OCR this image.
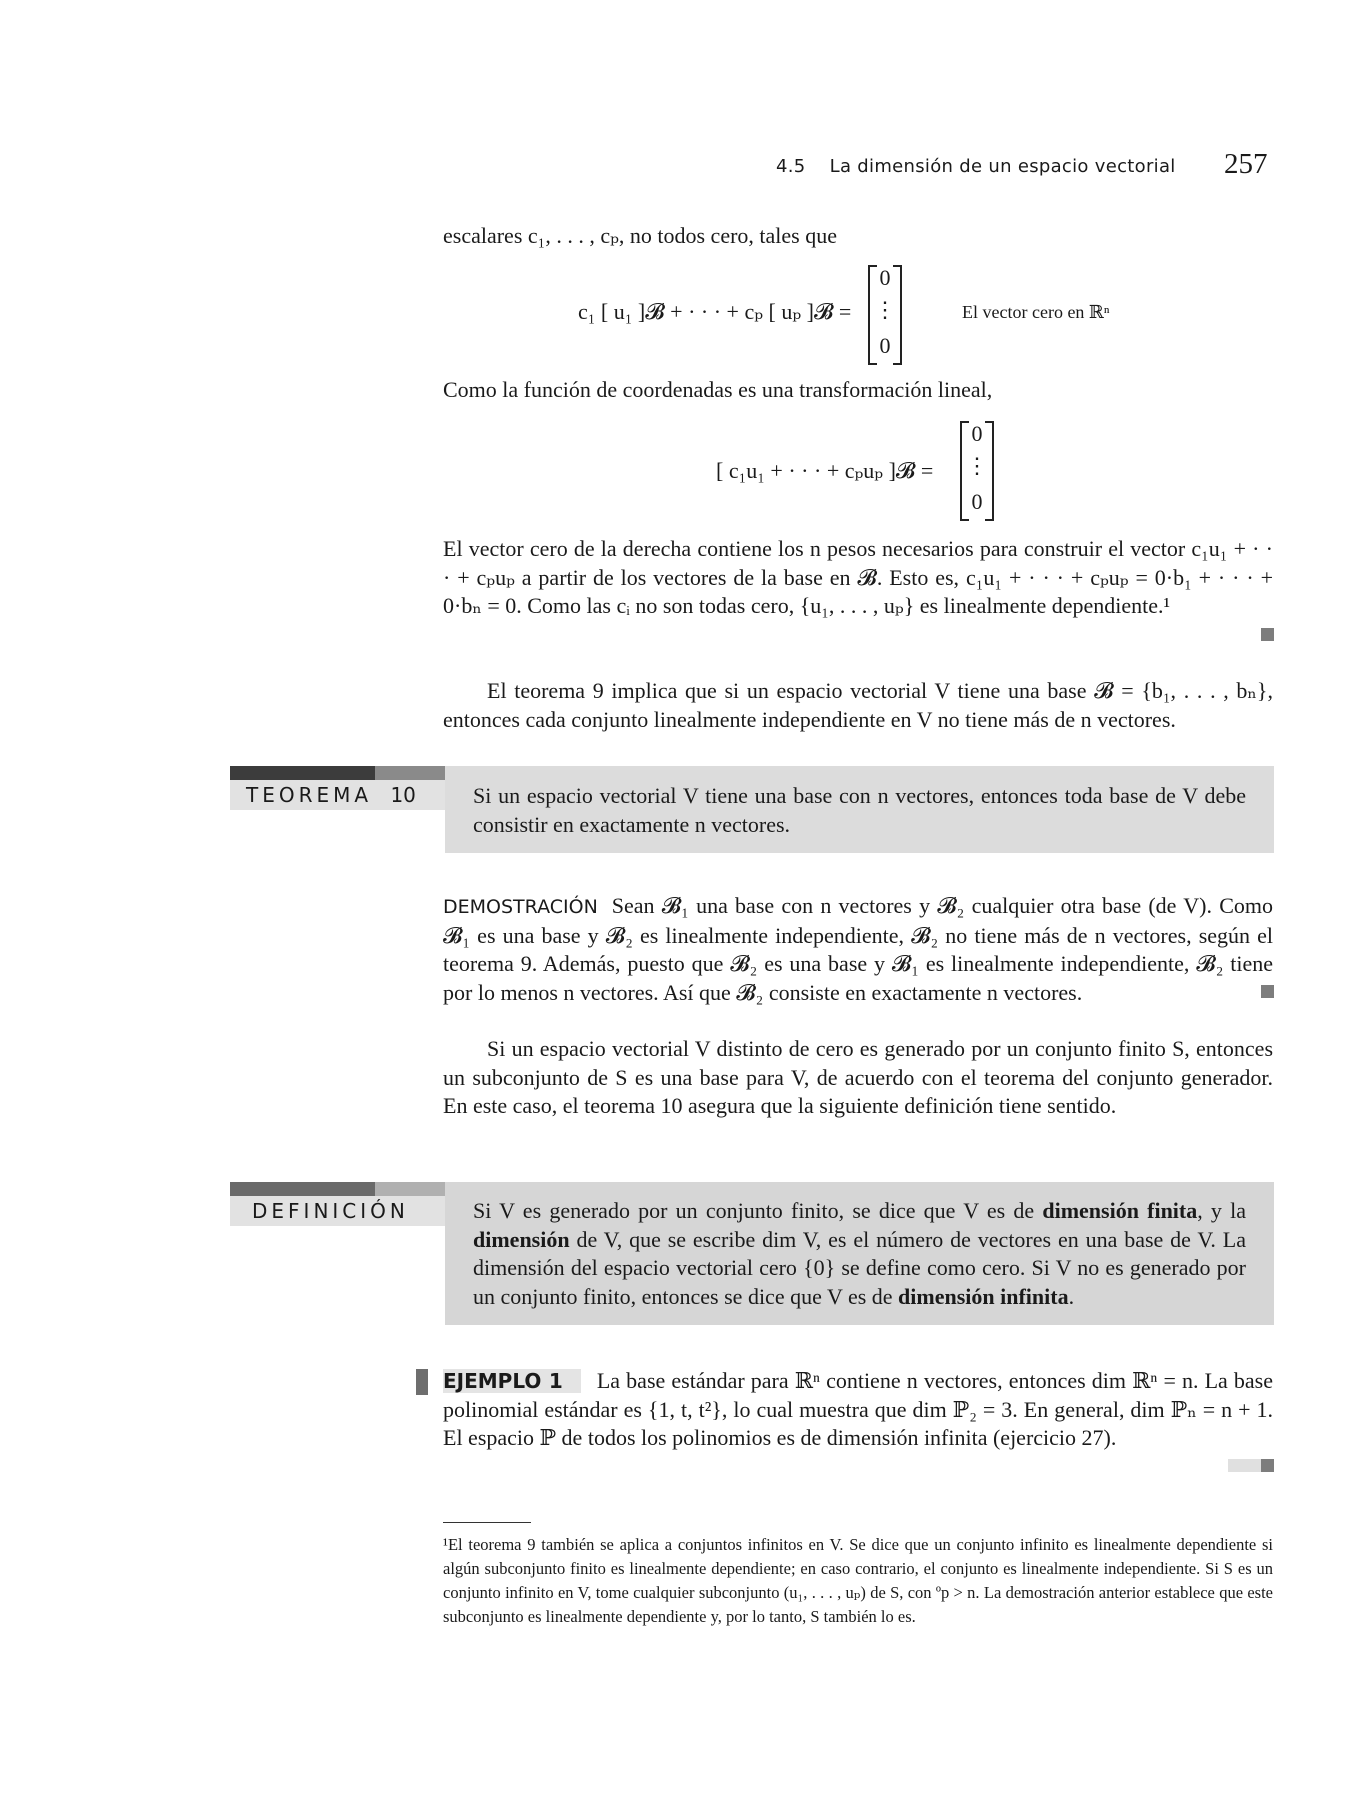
4.5    La dimensión de un espacio vectorial 257
escalares c₁, . . . , cₚ, no todos cero, tales que
c₁ [ u₁ ]𝓑 + · · · + cₚ [ uₚ ]𝓑 =
0
⋮
0
El vector cero en ℝⁿ
Como la función de coordenadas es una transformación lineal,
[ c₁u₁ + · · · + cₚuₚ ]𝓑 =
0
⋮
0
El vector cero de la derecha contiene los n pesos necesarios para construir el vector c₁u₁ + · · · + cₚuₚ a partir de los vectores de la base en 𝓑. Esto es, c₁u₁ + · · · + cₚuₚ = 0·b₁ + · · · + 0·bₙ = 0. Como las cᵢ no son todas cero, {u₁, . . . , uₚ} es linealmente dependiente.¹
El teorema 9 implica que si un espacio vectorial V tiene una base 𝓑 = {b₁, . . . , bₙ}, entonces cada conjunto linealmente independiente en V no tiene más de n vectores.
TEOREMA 10	Si un espacio vectorial V tiene una base con n vectores, entonces toda base de V debe consistir en exactamente n vectores.
DEMOSTRACIÓN Sean 𝓑₁ una base con n vectores y 𝓑₂ cualquier otra base (de V). Como 𝓑₁ es una base y 𝓑₂ es linealmente independiente, 𝓑₂ no tiene más de n vectores, según el teorema 9. Además, puesto que 𝓑₂ es una base y 𝓑₁ es linealmente independiente, 𝓑₂ tiene por lo menos n vectores. Así que 𝓑₂ consiste en exactamente n vectores.
Si un espacio vectorial V distinto de cero es generado por un conjunto finito S, entonces un subconjunto de S es una base para V, de acuerdo con el teorema del conjunto generador. En este caso, el teorema 10 asegura que la siguiente definición tiene sentido.
DEFINICIÓN	Si V es generado por un conjunto finito, se dice que V es de dimensión finita, y la dimensión de V, que se escribe dim V, es el número de vectores en una base de V. La dimensión del espacio vectorial cero {0} se define como cero. Si V no es generado por un conjunto finito, entonces se dice que V es de dimensión infinita.
EJEMPLO 1 La base estándar para ℝⁿ contiene n vectores, entonces dim ℝⁿ = n. La base polinomial estándar es {1, t, t²}, lo cual muestra que dim ℙ₂ = 3. En general, dim ℙₙ = n + 1. El espacio ℙ de todos los polinomios es de dimensión infinita (ejercicio 27).
¹El teorema 9 también se aplica a conjuntos infinitos en V. Se dice que un conjunto infinito es linealmente dependiente si algún subconjunto finito es linealmente dependiente; en caso contrario, el conjunto es linealmente independiente. Si S es un conjunto infinito en V, tome cualquier subconjunto (u₁, . . . , uₚ) de S, con ºp > n. La demostración anterior establece que este subconjunto es linealmente dependiente y, por lo tanto, S también lo es.
